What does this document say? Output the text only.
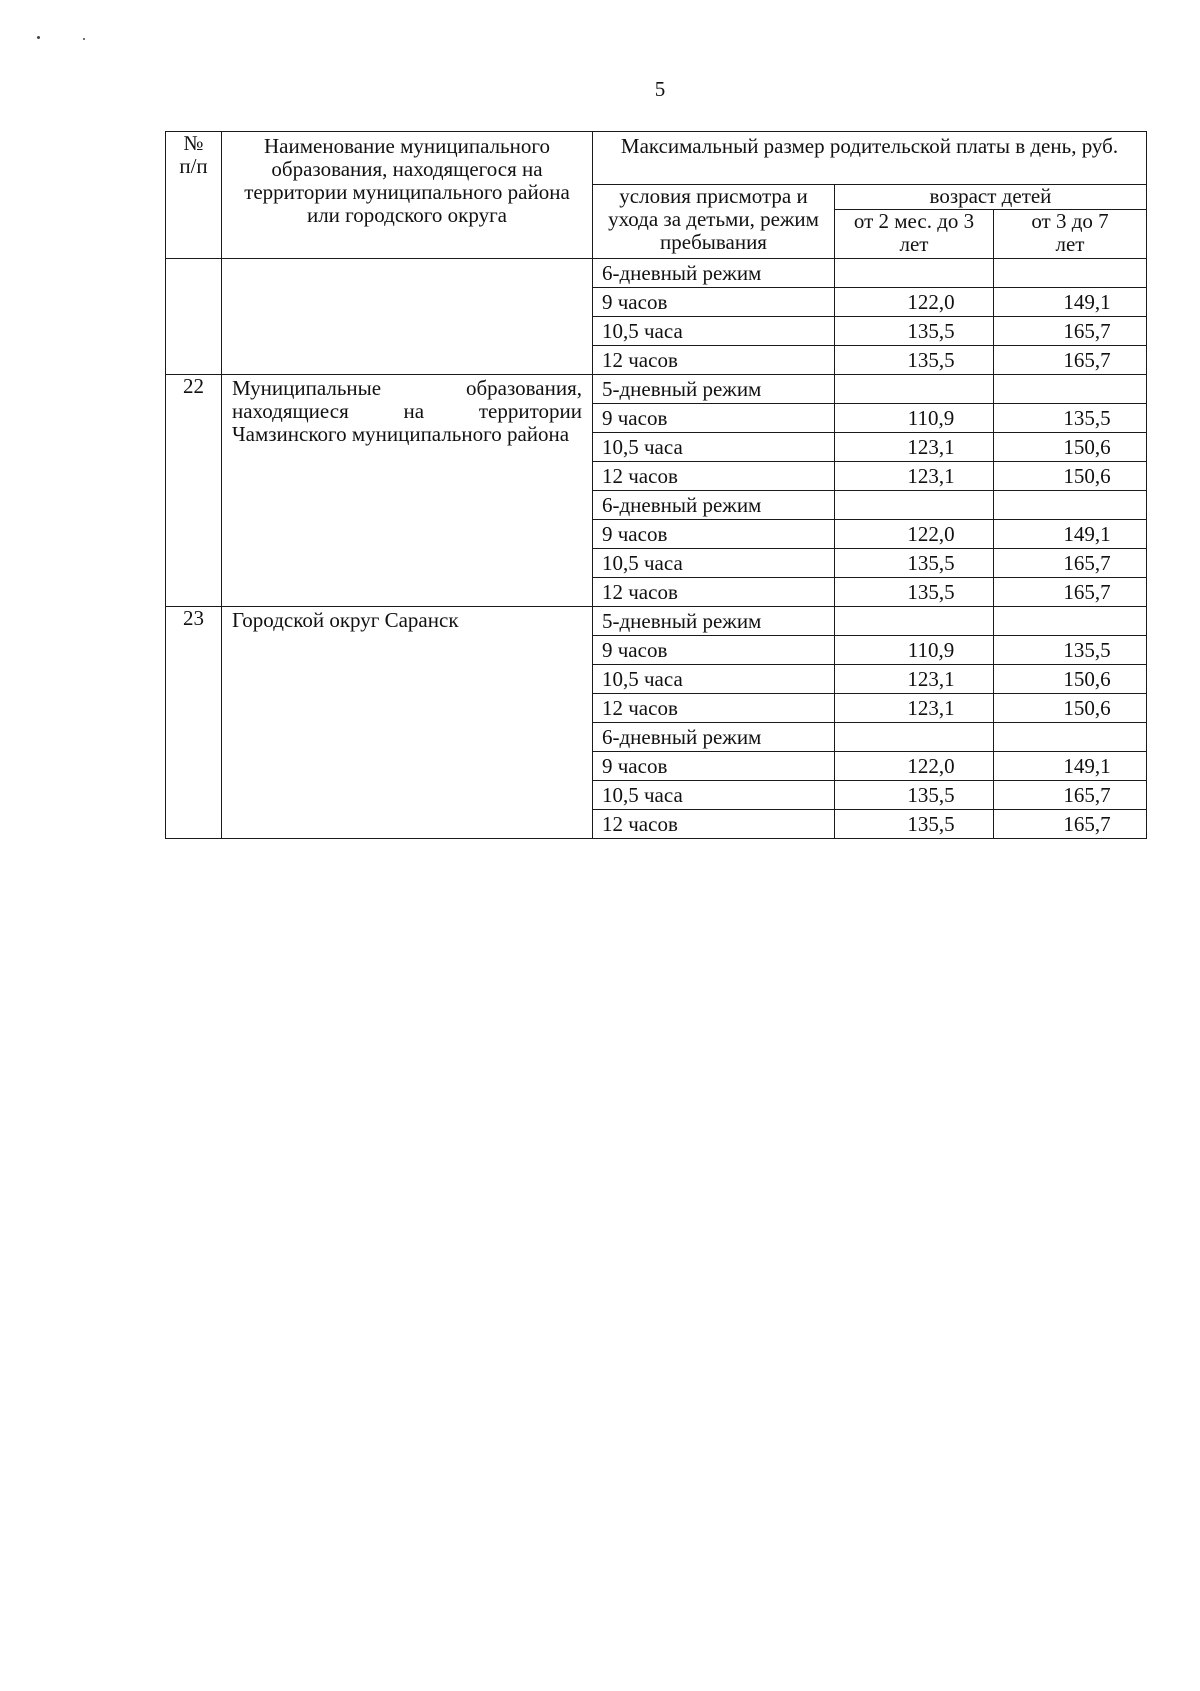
5
№ п/п	Наименование муниципального образования, находящегося на территории муниципального района или городского округа	Максимальный размер родительской платы в день, руб.		
		условия присмотра и ухода за детьми, режим пребывания	возраст детей	
			от 2 мес. до 3 лет	от 3 до 7 лет
		6-дневный режим		
		9 часов	122,0	149,1
		10,5 часа	135,5	165,7
		12 часов	135,5	165,7
22	Муниципальные образования, находящиеся на территории Чамзинского муниципального района	5-дневный режим		
		9 часов	110,9	135,5
		10,5 часа	123,1	150,6
		12 часов	123,1	150,6
		6-дневный режим		
		9 часов	122,0	149,1
		10,5 часа	135,5	165,7
		12 часов	135,5	165,7
23	Городской округ Саранск	5-дневный режим		
		9 часов	110,9	135,5
		10,5 часа	123,1	150,6
		12 часов	123,1	150,6
		6-дневный режим		
		9 часов	122,0	149,1
		10,5 часа	135,5	165,7
		12 часов	135,5	165,7
